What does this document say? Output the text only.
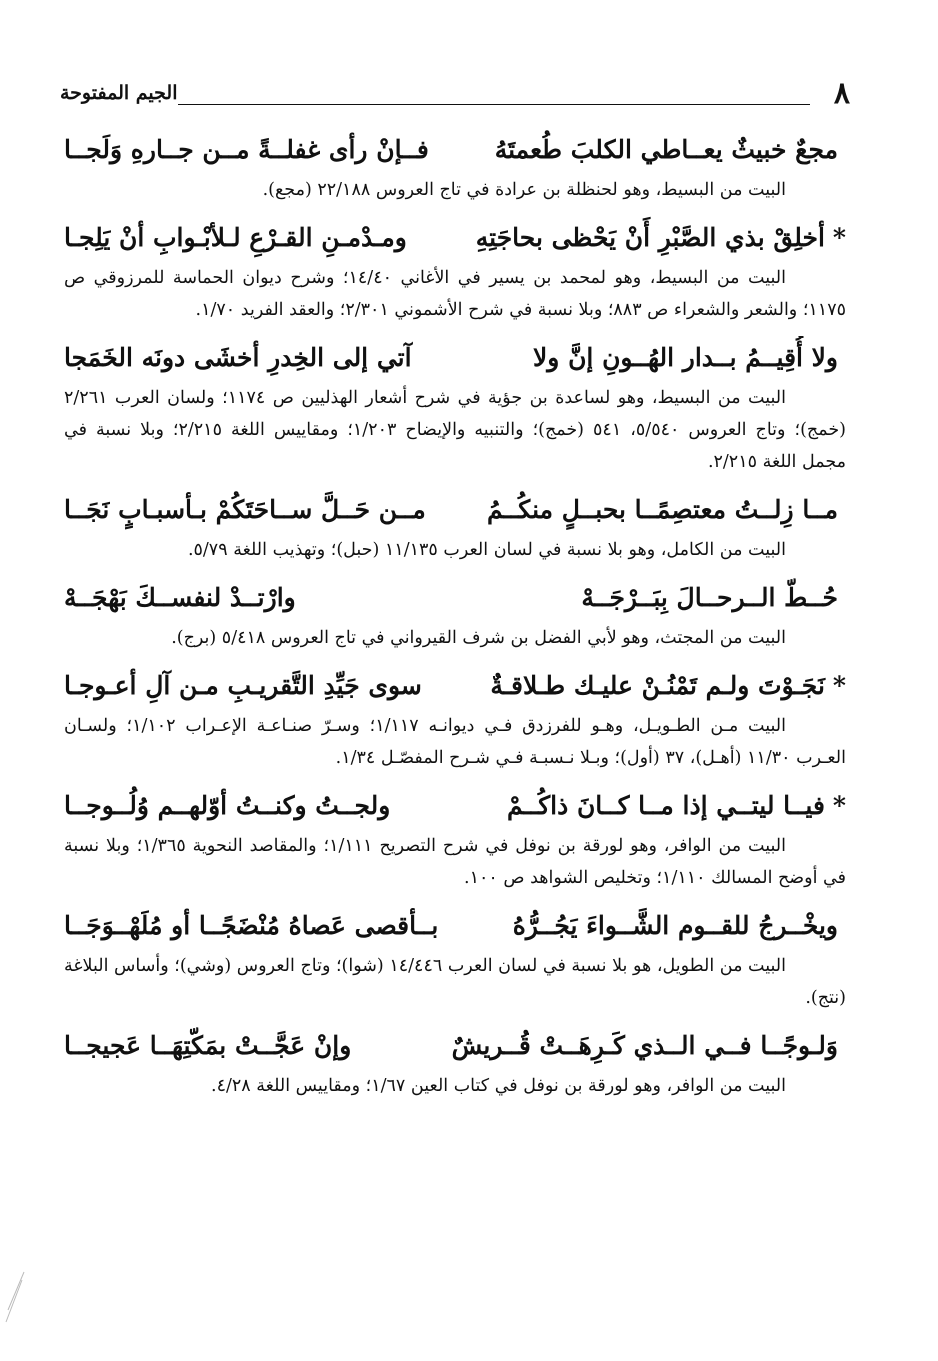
٨
الجيم المفتوحة
مجعٌ خبيثٌ يعــاطي الكلبَ طُعمتَهُ
فــإنْ رأى غفلــةً مــن جــارهِ وَلَجــا
البيت من البسيط، وهو لحنظلة بن عرادة في تاج العروس ٢٢/١٨٨ (مجع).
*أخلِقْ بذي الصَّبْرِ أَنْ يَحْظى بحاجَتِهِ
ومـدْمـنِ القـرْعِ لـلأبْـوابِ أنْ يَلِجـا
البيت من البسيط، وهو لمحمد بن يسير في الأغاني ١٤/٤٠؛ وشرح ديوان الحماسة للمرزوقي ص ١١٧٥؛ والشعر والشعراء ص ٨٨٣؛ وبلا نسبة في شرح الأشموني ٢/٣٠١؛ والعقد الفريد ١/٧٠.
ولا أُقِيــمُ بــدار الهُــونِ إنَّ ولا
آتي إلى الخِدرِ أخشَى دونَه الخَمَجا
البيت من البسيط، وهو لساعدة بن جؤية في شرح أشعار الهذليين ص ١١٧٤؛ ولسان العرب ٢/٢٦١ (خمج)؛ وتاج العروس ٥/٥٤٠، ٥٤١ (خمج)؛ والتنبيه والإيضاح ١/٢٠٣؛ ومقاييس اللغة ٢/٢١٥؛ وبلا نسبة في مجمل اللغة ٢/٢١٥.
مــا زِلــتُ معتصِمًــا بحبــلٍ منكُــمُ
مــن حَــلَّ ســاحَتَكُمْ بـأسبـابٍ نَجَــا
البيت من الكامل، وهو بلا نسبة في لسان العرب ١١/١٣٥ (حبل)؛ وتهذيب اللغة ٥/٧٩.
حُــطّ الــرحــالَ بِبَــرْجَــهْ
وارْتــدْ لنفســكَ بَهْجَــهْ
البيت من المجتث، وهو لأبي الفضل بن شرف القيرواني في تاج العروس ٥/٤١٨ (برج).
*نَجَـوْتَ ولـم تَمْنُـنْ عليـك طـلاقـةٌ
سوى جَيِّدِ التَّقريـبِ مـن آلِ أعـوجـا
البيت مـن الطـويـل، وهـو للفرزدق فـي ديوانـه ١/١١٧؛ وسـرّ صنـاعـة الإعـراب ١/١٠٢؛ ولسـان العـرب ١١/٣٠ (أهـل)، ٣٧ (أول)؛ وبـلا نـسبـة فـي شـرح المفصّـل ١/٣٤.
*فيــا ليتــي إذا مــا كــانَ ذاكُــمْ
ولجــتُ وكنــتُ أوّلهــم وُلُــوجــا
البيت من الوافر، وهو لورقة بن نوفل في شرح التصريح ١/١١١؛ والمقاصد النحوية ١/٣٦٥؛ وبلا نسبة في أوضح المسالك ١/١١٠؛ وتخليص الشواهد ص ١٠٠.
ويخْــرجُ للقــوم الشَّــواءَ يَجُــرُّهُ
بــأقصى عَصاهُ مُنْضَجًــا أو مُلَهْــوَجَــا
البيت من الطويل، هو بلا نسبة في لسان العرب ١٤/٤٤٦ (شوا)؛ وتاج العروس (وشي)؛ وأساس البلاغة (نتج).
وَلـوجًــا فــي الــذي كَـرِهَــتْ قُــريشٌ
وإنْ عَجَّــتْ بمَكّتِهَــا عَجيجــا
البيت من الوافر، وهو لورقة بن نوفل في كتاب العين ١/٦٧؛ ومقاييس اللغة ٤/٢٨.
